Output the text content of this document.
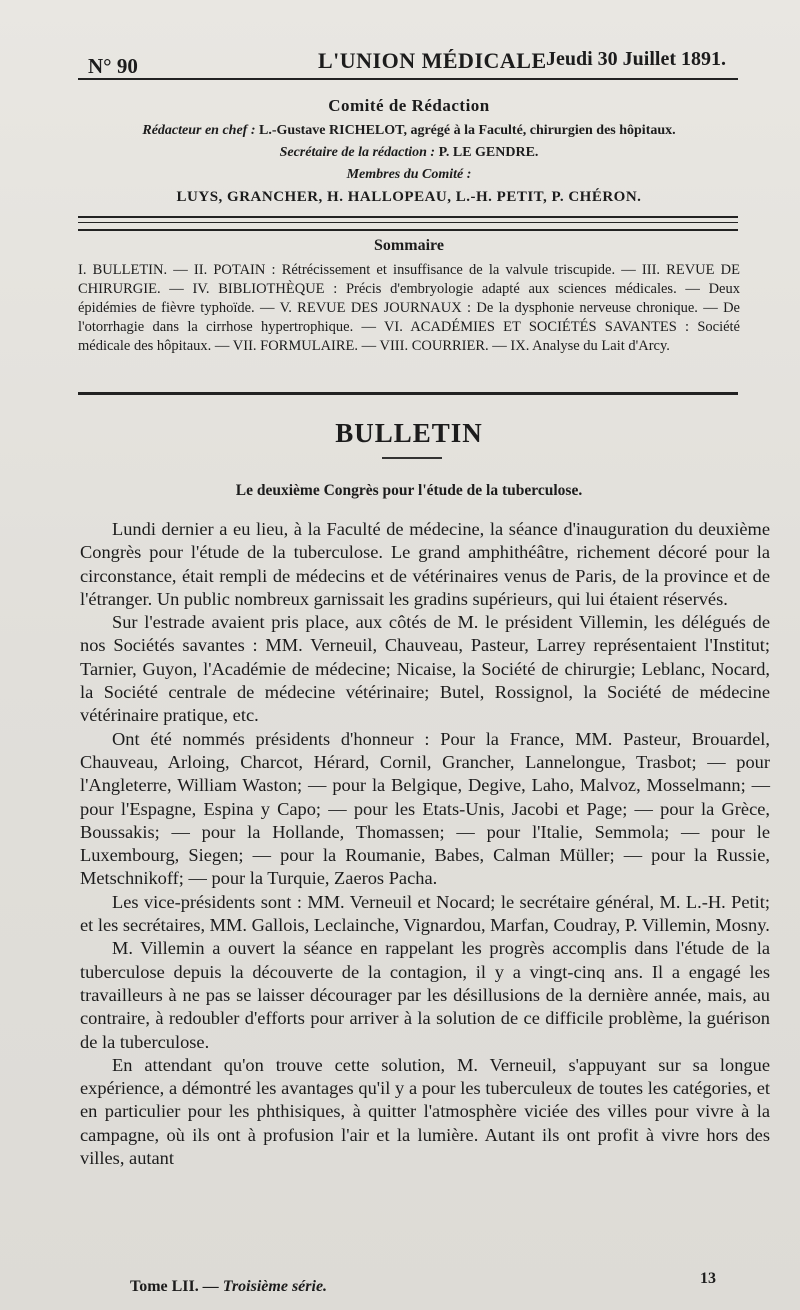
N° 90	L'UNION MÉDICALE Jeudi 30 Juillet 1891.
Comité de Rédaction
Rédacteur en chef : L.-Gustave RICHELOT, agrégé à la Faculté, chirurgien des hôpitaux.
Secrétaire de la rédaction : P. LE GENDRE.
Membres du Comité :
LUYS, GRANCHER, H. HALLOPEAU, L.-H. PETIT, P. CHÉRON.
Sommaire
I. BULLETIN. — II. POTAIN : Rétrécissement et insuffisance de la valvule triscupide. — III. REVUE DE CHIRURGIE. — IV. BIBLIOTHÈQUE : Précis d'embryologie adapté aux sciences médicales. — Deux épidémies de fièvre typhoïde. — V. REVUE DES JOURNAUX : De la dysphonie nerveuse chronique. — De l'otorrhagie dans la cirrhose hypertrophique. — VI. ACADÉMIES ET SOCIÉTÉS SAVANTES : Société médicale des hôpitaux. — VII. FORMULAIRE. — VIII. COURRIER. — IX. Analyse du Lait d'Arcy.
BULLETIN
Le deuxième Congrès pour l'étude de la tuberculose.

Lundi dernier a eu lieu, à la Faculté de médecine, la séance d'inauguration du deuxième Congrès pour l'étude de la tuberculose. Le grand amphithéâtre, richement décoré pour la circonstance, était rempli de médecins et de vétérinaires venus de Paris, de la province et de l'étranger. Un public nombreux garnissait les gradins supérieurs, qui lui étaient réservés.

Sur l'estrade avaient pris place, aux côtés de M. le président Villemin, les délégués de nos Sociétés savantes : MM. Verneuil, Chauveau, Pasteur, Larrey représentaient l'Institut; Tarnier, Guyon, l'Académie de médecine; Nicaise, la Société de chirurgie; Leblanc, Nocard, la Société centrale de médecine vétérinaire; Butel, Rossignol, la Société de médecine vétérinaire pratique, etc.

Ont été nommés présidents d'honneur : Pour la France, MM. Pasteur, Brouardel, Chauveau, Arloing, Charcot, Hérard, Cornil, Grancher, Lannelongue, Trasbot; — pour l'Angleterre, William Waston; — pour la Belgique, Degive, Laho, Malvoz, Mosselmann; — pour l'Espagne, Espina y Capo; — pour les Etats-Unis, Jacobi et Page; — pour la Grèce, Boussakis; — pour la Hollande, Thomassen; — pour l'Italie, Semmola; — pour le Luxembourg, Siegen; — pour la Roumanie, Babes, Calman Müller; — pour la Russie, Metschnikoff; — pour la Turquie, Zaeros Pacha.

Les vice-présidents sont : MM. Verneuil et Nocard; le secrétaire général, M. L.-H. Petit; et les secrétaires, MM. Gallois, Leclainche, Vignardou, Marfan, Coudray, P. Villemin, Mosny.

M. Villemin a ouvert la séance en rappelant les progrès accomplis dans l'étude de la tuberculose depuis la découverte de la contagion, il y a vingt-cinq ans. Il a engagé les travailleurs à ne pas se laisser décourager par les désillusions de la dernière année, mais, au contraire, à redoubler d'efforts pour arriver à la solution de ce difficile problème, la guérison de la tuberculose.

En attendant qu'on trouve cette solution, M. Verneuil, s'appuyant sur sa longue expérience, a démontré les avantages qu'il y a pour les tuberculeux de toutes les catégories, et en particulier pour les phthisiques, à quitter l'atmosphère viciée des villes pour vivre à la campagne, où ils ont à profusion l'air et la lumière. Autant ils ont profit à vivre hors des villes, autant

Tome LII. — Troisième série.	13
